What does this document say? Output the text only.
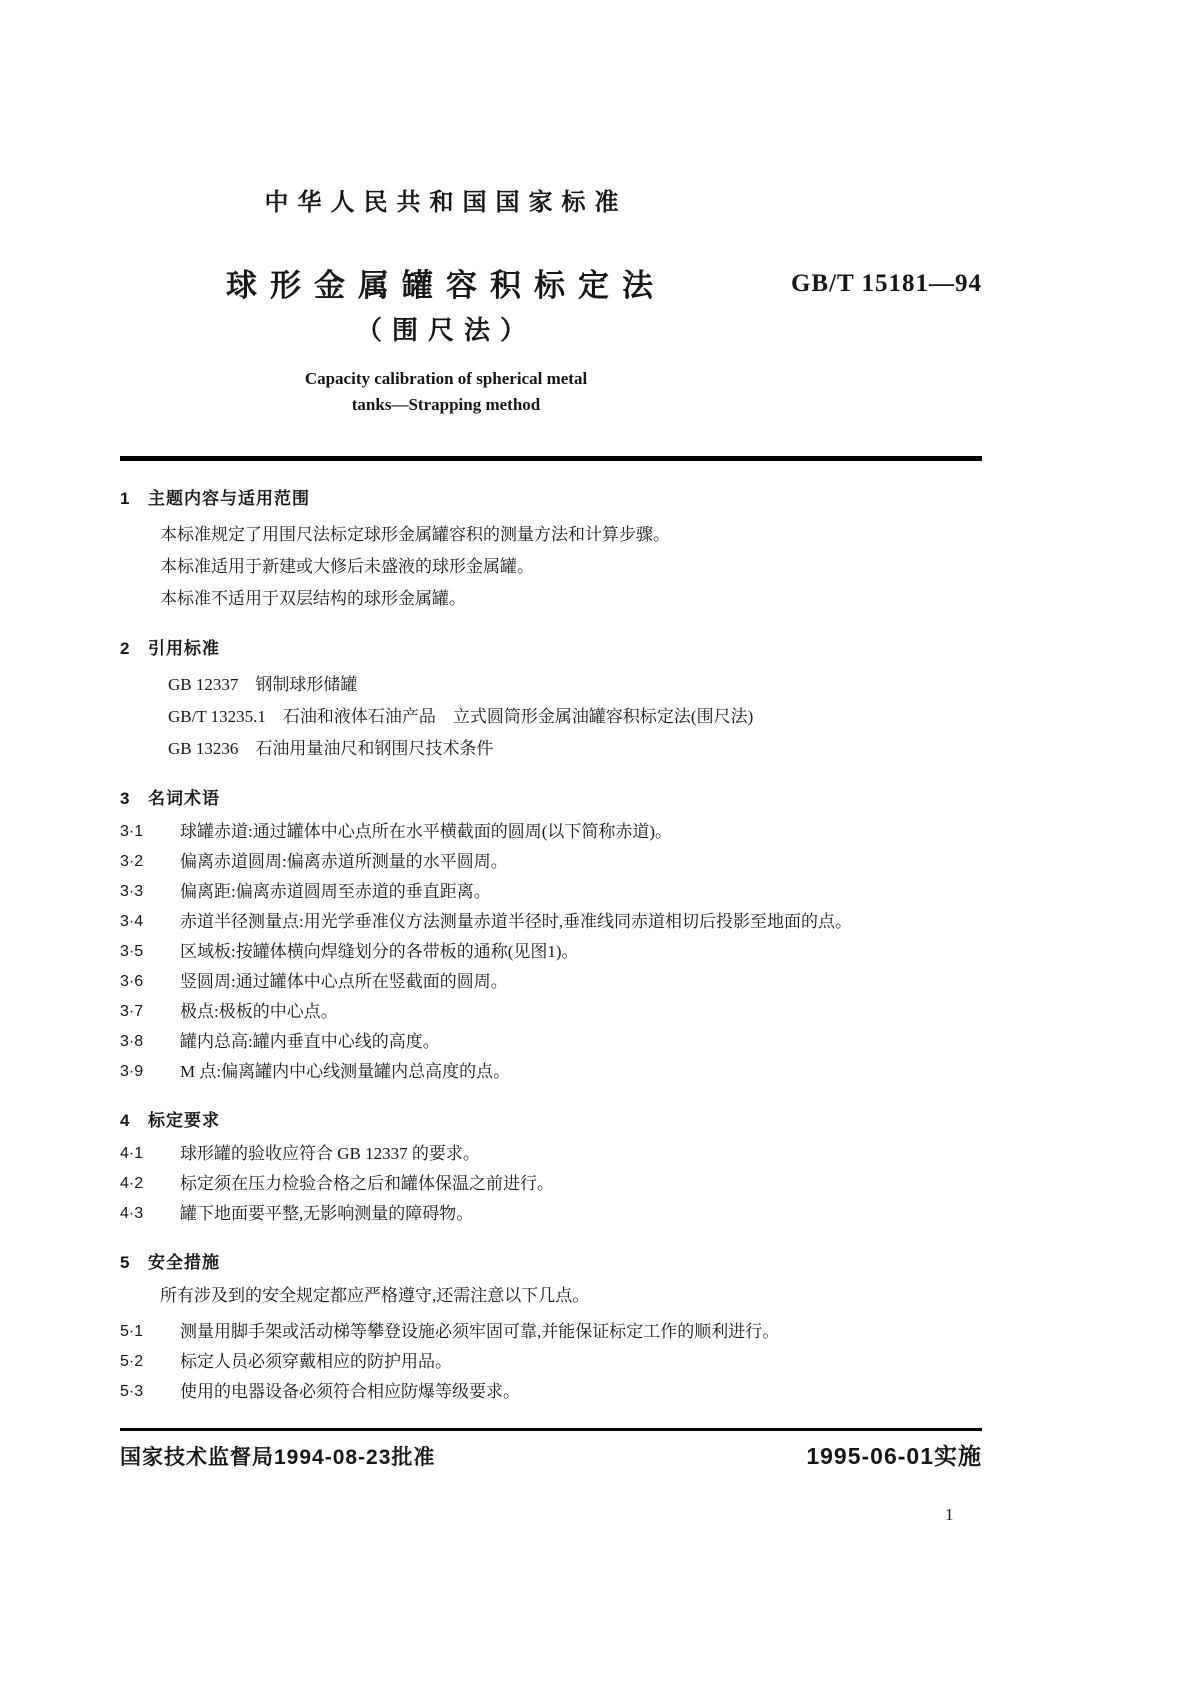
中华人民共和国国家标准
球形金属罐容积标定法	GB/T 15181—94
（围尺法）
Capacity calibration of spherical metal
tanks—Strapping method
1 主题内容与适用范围
本标准规定了用围尺法标定球形金属罐容积的测量方法和计算步骤。
本标准适用于新建或大修后未盛液的球形金属罐。
本标准不适用于双层结构的球形金属罐。
2 引用标准
GB 12337　钢制球形储罐
GB/T 13235.1　石油和液体石油产品　立式圆筒形金属油罐容积标定法(围尺法)
GB 13236　石油用量油尺和钢围尺技术条件
3 名词术语
3·1	球罐赤道:通过罐体中心点所在水平横截面的圆周(以下简称赤道)。
3·2	偏离赤道圆周:偏离赤道所测量的水平圆周。
3·3	偏离距:偏离赤道圆周至赤道的垂直距离。
3·4	赤道半径测量点:用光学垂准仪方法测量赤道半径时,垂准线同赤道相切后投影至地面的点。
3·5	区域板:按罐体横向焊缝划分的各带板的通称(见图1)。
3·6	竖圆周:通过罐体中心点所在竖截面的圆周。
3·7	极点:极板的中心点。
3·8	罐内总高:罐内垂直中心线的高度。
3·9	M 点:偏离罐内中心线测量罐内总高度的点。
4 标定要求
4·1	球形罐的验收应符合 GB 12337 的要求。
4·2	标定须在压力检验合格之后和罐体保温之前进行。
4·3	罐下地面要平整,无影响测量的障碍物。
5 安全措施
所有涉及到的安全规定都应严格遵守,还需注意以下几点。
5·1	测量用脚手架或活动梯等攀登设施必须牢固可靠,并能保证标定工作的顺利进行。
5·2	标定人员必须穿戴相应的防护用品。
5·3	使用的电器设备必须符合相应防爆等级要求。
国家技术监督局1994-08-23批准	1995-06-01实施
1
